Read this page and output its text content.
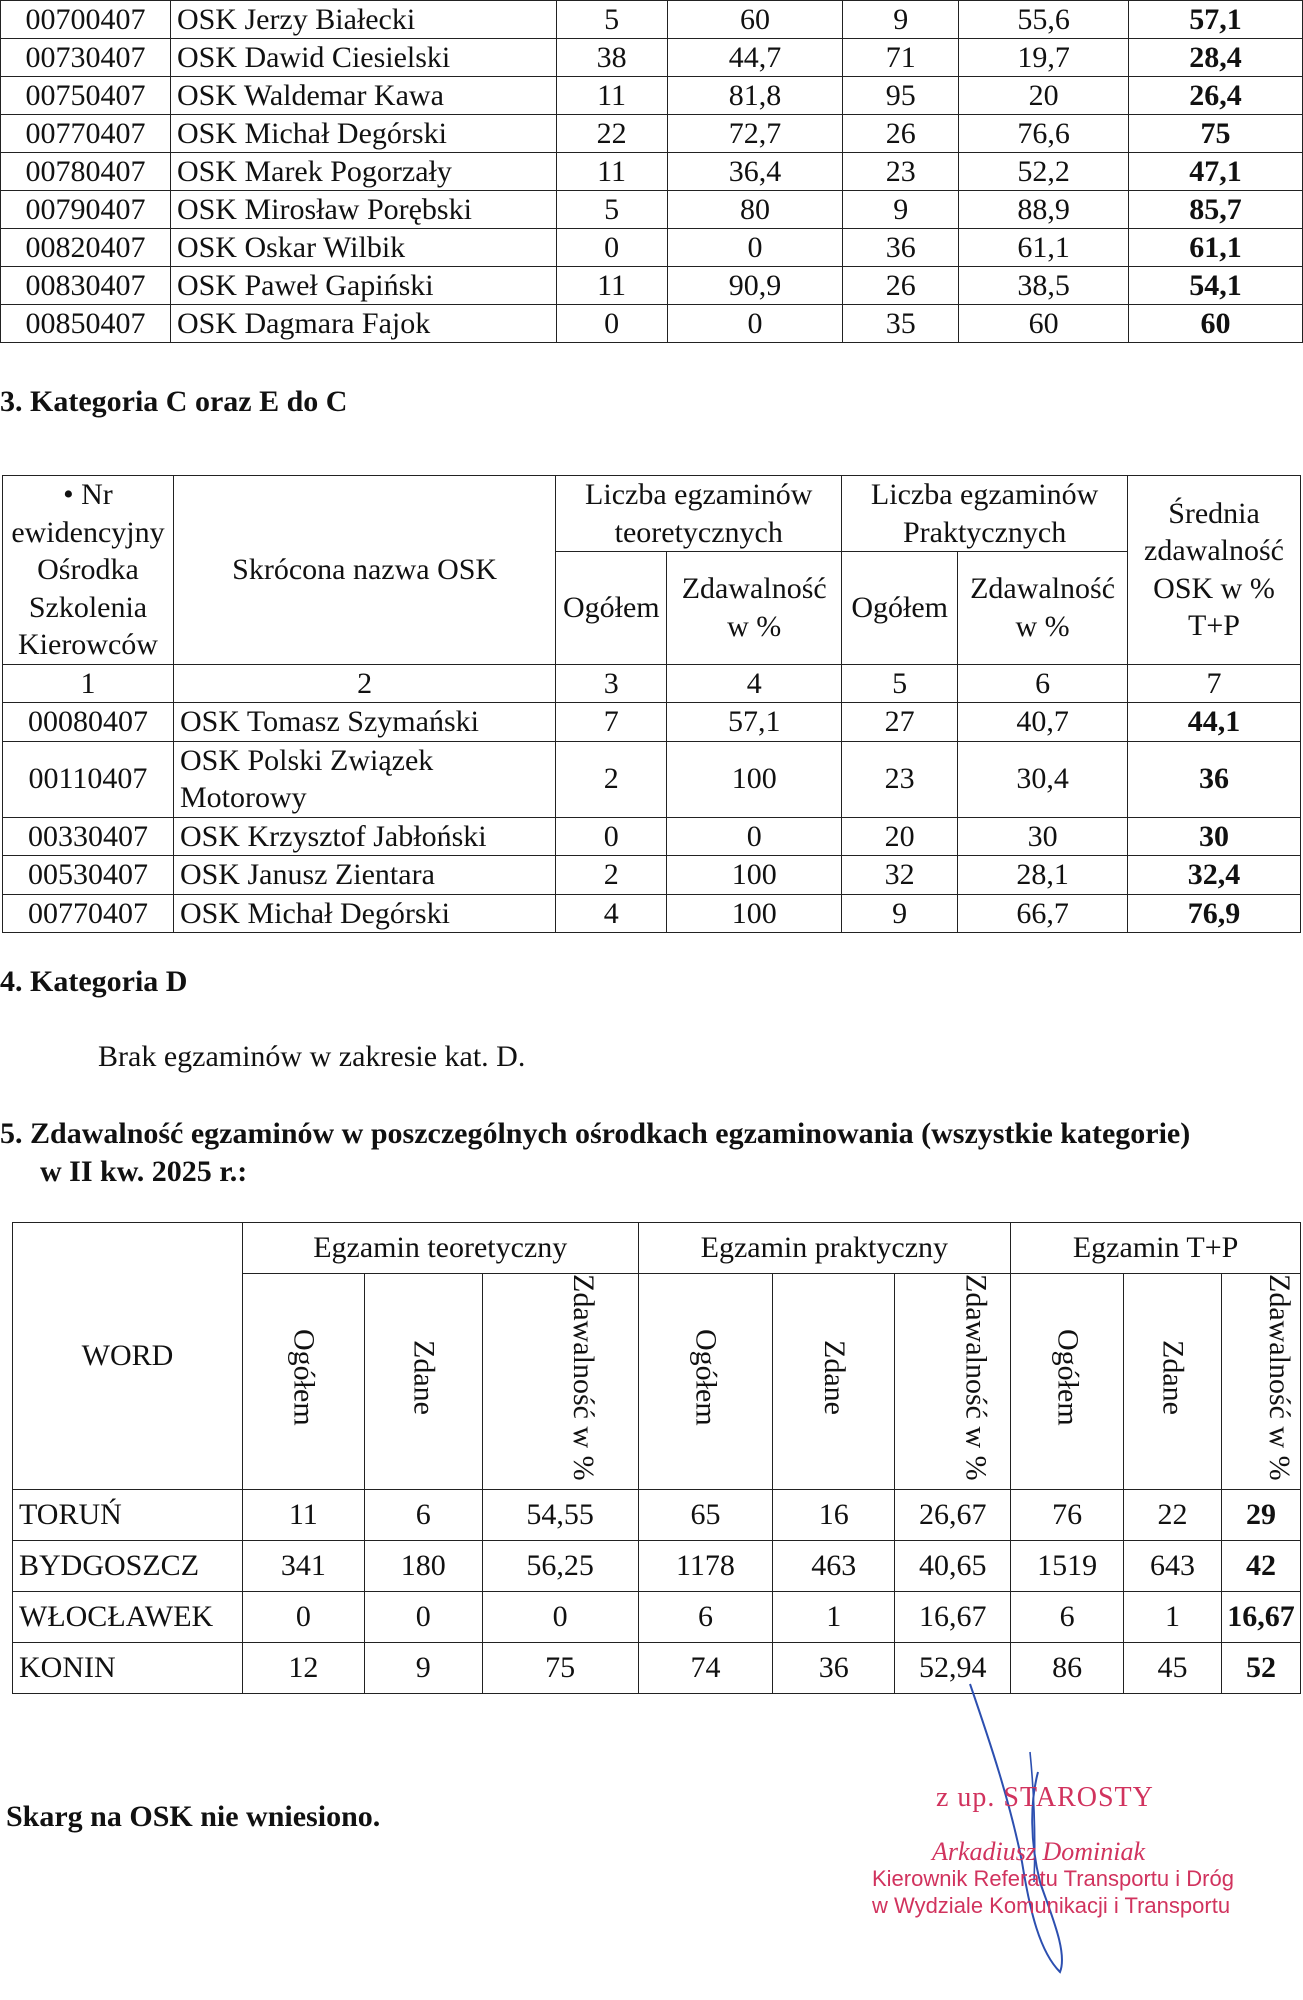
00700407	OSK Jerzy Białecki	5	60	9	55,6	57,1
00730407	OSK Dawid Ciesielski	38	44,7	71	19,7	28,4
00750407	OSK Waldemar Kawa	11	81,8	95	20	26,4
00770407	OSK Michał Degórski	22	72,7	26	76,6	75
00780407	OSK Marek Pogorzały	11	36,4	23	52,2	47,1
00790407	OSK Mirosław Porębski	5	80	9	88,9	85,7
00820407	OSK Oskar Wilbik	0	0	36	61,1	61,1
00830407	OSK Paweł Gapiński	11	90,9	26	38,5	54,1
00850407	OSK Dagmara Fajok	0	0	35	60	60
3. Kategoria C oraz E do C
• Nr ewidencyjny Ośrodka Szkolenia Kierowców	Skrócona nazwa OSK	Liczba egzaminów teoretycznych		Liczba egzaminów Praktycznych		Średnia zdawalność OSK w % T+P
		Ogółem	Zdawalność w %	Ogółem	Zdawalność w %	
1	2	3	4	5	6	7
00080407	OSK Tomasz Szymański	7	57,1	27	40,7	44,1
00110407	OSK Polski Związek Motorowy	2	100	23	30,4	36
00330407	OSK Krzysztof Jabłoński	0	0	20	30	30
00530407	OSK Janusz Zientara	2	100	32	28,1	32,4
00770407	OSK Michał Degórski	4	100	9	66,7	76,9
4. Kategoria D

Brak egzaminów w zakresie kat. D.

5. Zdawalność egzaminów w poszczególnych ośrodkach egzaminowania (wszystkie kategorie)
w II kw. 2025 r.:
WORD	Egzamin teoretyczny			Egzamin praktyczny			Egzamin T+P		
	Ogółem	Zdane	Zdawalność w %	Ogółem	Zdane	Zdawalność w %	Ogółem	Zdane	Zdawalność w %
TORUŃ	11	6	54,55	65	16	26,67	76	22	29
BYDGOSZCZ	341	180	56,25	1178	463	40,65	1519	643	42
WŁOCŁAWEK	0	0	0	6	1	16,67	6	1	16,67
KONIN	12	9	75	74	36	52,94	86	45	52

Skarg na OSK nie wniesiono.

z up. STAROSTY
Arkadiusz Dominiak
Kierownik Referatu Transportu i Dróg
w Wydziale Komunikacji i Transportu
